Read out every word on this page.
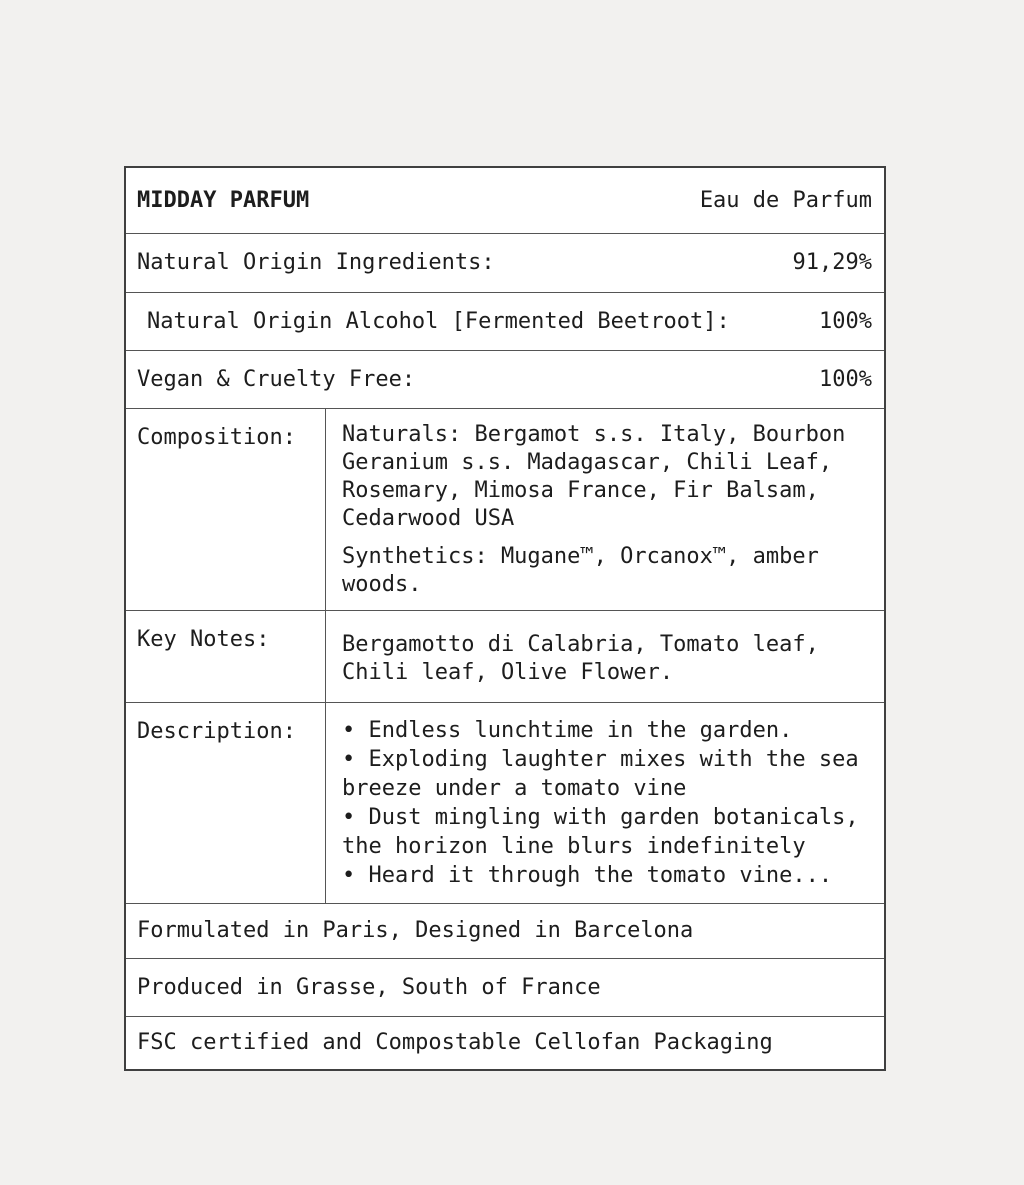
MIDDAY PARFUM	Eau de Parfum
Natural Origin Ingredients:	91,29%
Natural Origin Alcohol [Fermented Beetroot]:	100%
Vegan & Cruelty Free:	100%
Composition:	Naturals: Bergamot s.s. Italy, Bourbon Geranium s.s. Madagascar, Chili Leaf, Rosemary, Mimosa France, Fir Balsam, Cedarwood USA

Synthetics: Mugane™, Orcanox™, amber woods.

Key Notes:	Bergamotto di Calabria, Tomato leaf, Chili leaf, Olive Flower.

Description:	• Endless lunchtime in the garden.

• Exploding laughter mixes with the sea breeze under a tomato vine

• Dust mingling with garden botanicals, the horizon line blurs indefinitely

• Heard it through the tomato vine...

Formulated in Paris, Designed in Barcelona
Produced in Grasse, South of France
FSC certified and Compostable Cellofan Packaging
